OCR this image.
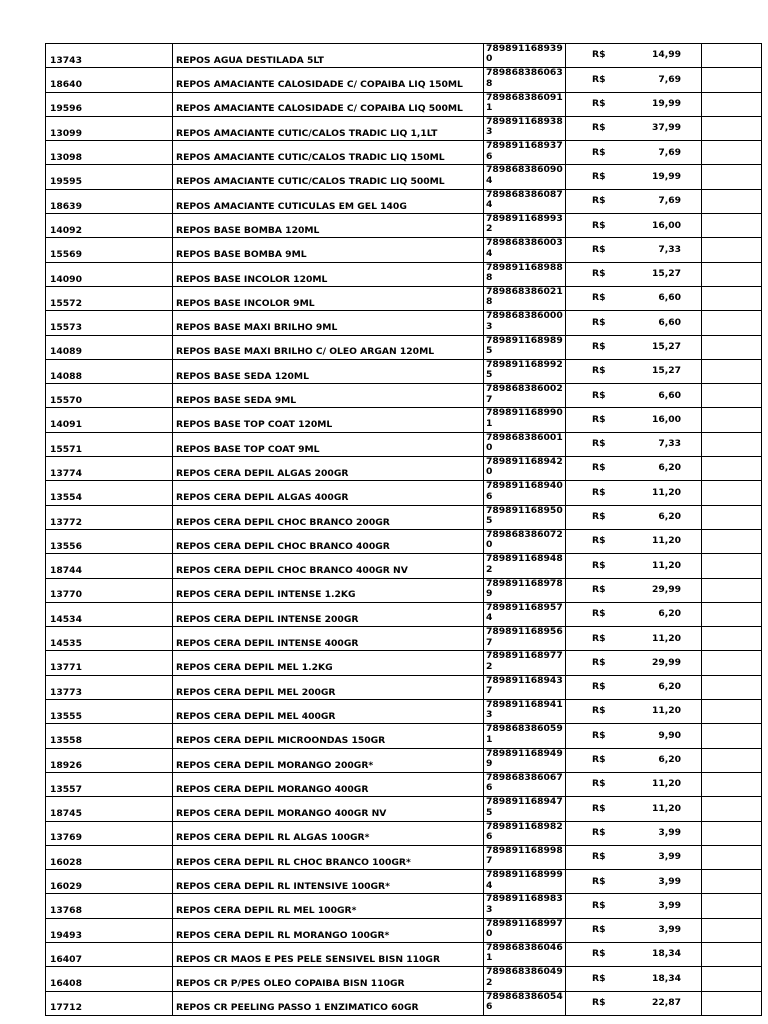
13743	REPOS AGUA DESTILADA 5LT	7898911689390	R$ 14,99	

18640	REPOS AMACIANTE CALOSIDADE C/ COPAIBA LIQ 150ML	7898683860638	R$ 7,69	

19596	REPOS AMACIANTE CALOSIDADE C/ COPAIBA LIQ 500ML	7898683860911	R$ 19,99	

13099	REPOS AMACIANTE CUTIC/CALOS TRADIC LIQ 1,1LT	7898911689383	R$ 37,99	

13098	REPOS AMACIANTE CUTIC/CALOS TRADIC LIQ 150ML	7898911689376	R$ 7,69	

19595	REPOS AMACIANTE CUTIC/CALOS TRADIC LIQ 500ML	7898683860904	R$ 19,99	

18639	REPOS AMACIANTE CUTICULAS EM GEL 140G	7898683860874	R$ 7,69	

14092	REPOS BASE BOMBA 120ML	7898911689932	R$ 16,00	

15569	REPOS BASE BOMBA 9ML	7898683860034	R$ 7,33	

14090	REPOS BASE INCOLOR 120ML	7898911689888	R$ 15,27	

15572	REPOS BASE INCOLOR 9ML	7898683860218	R$ 6,60	

15573	REPOS BASE MAXI BRILHO 9ML	7898683860003	R$ 6,60	

14089	REPOS BASE MAXI BRILHO C/ OLEO ARGAN 120ML	7898911689895	R$ 15,27	

14088	REPOS BASE SEDA 120ML	7898911689925	R$ 15,27	

15570	REPOS BASE SEDA 9ML	7898683860027	R$ 6,60	

14091	REPOS BASE TOP COAT 120ML	7898911689901	R$ 16,00	

15571	REPOS BASE TOP COAT 9ML	7898683860010	R$ 7,33	

13774	REPOS CERA DEPIL ALGAS 200GR	7898911689420	R$ 6,20	

13554	REPOS CERA DEPIL ALGAS 400GR	7898911689406	R$ 11,20	

13772	REPOS CERA DEPIL CHOC BRANCO 200GR	7898911689505	R$ 6,20	

13556	REPOS CERA DEPIL CHOC BRANCO 400GR	7898683860720	R$ 11,20	

18744	REPOS CERA DEPIL CHOC BRANCO 400GR NV	7898911689482	R$ 11,20	

13770	REPOS CERA DEPIL INTENSE 1.2KG	7898911689789	R$ 29,99	

14534	REPOS CERA DEPIL INTENSE 200GR	7898911689574	R$ 6,20	

14535	REPOS CERA DEPIL INTENSE 400GR	7898911689567	R$ 11,20	

13771	REPOS CERA DEPIL MEL 1.2KG	7898911689772	R$ 29,99	

13773	REPOS CERA DEPIL MEL 200GR	7898911689437	R$ 6,20	

13555	REPOS CERA DEPIL MEL 400GR	7898911689413	R$ 11,20	

13558	REPOS CERA DEPIL MICROONDAS 150GR	7898683860591	R$ 9,90	

18926	REPOS CERA DEPIL MORANGO 200GR*	7898911689499	R$ 6,20	

13557	REPOS CERA DEPIL MORANGO 400GR	7898683860676	R$ 11,20	

18745	REPOS CERA DEPIL MORANGO 400GR NV	7898911689475	R$ 11,20	

13769	REPOS CERA DEPIL RL ALGAS 100GR*	7898911689826	R$ 3,99	

16028	REPOS CERA DEPIL RL CHOC BRANCO 100GR*	7898911689987	R$ 3,99	

16029	REPOS CERA DEPIL RL INTENSIVE 100GR*	7898911689994	R$ 3,99	

13768	REPOS CERA DEPIL RL MEL 100GR*	7898911689833	R$ 3,99	

19493	REPOS CERA DEPIL RL MORANGO 100GR*	7898911689970	R$ 3,99	

16407	REPOS CR MAOS E PES PELE SENSIVEL BISN 110GR	7898683860461	R$ 18,34	

16408	REPOS CR P/PES OLEO COPAIBA BISN 110GR	7898683860492	R$ 18,34	

17712	REPOS CR PEELING PASSO 1 ENZIMATICO 60GR	7898683860546	R$ 22,87	
